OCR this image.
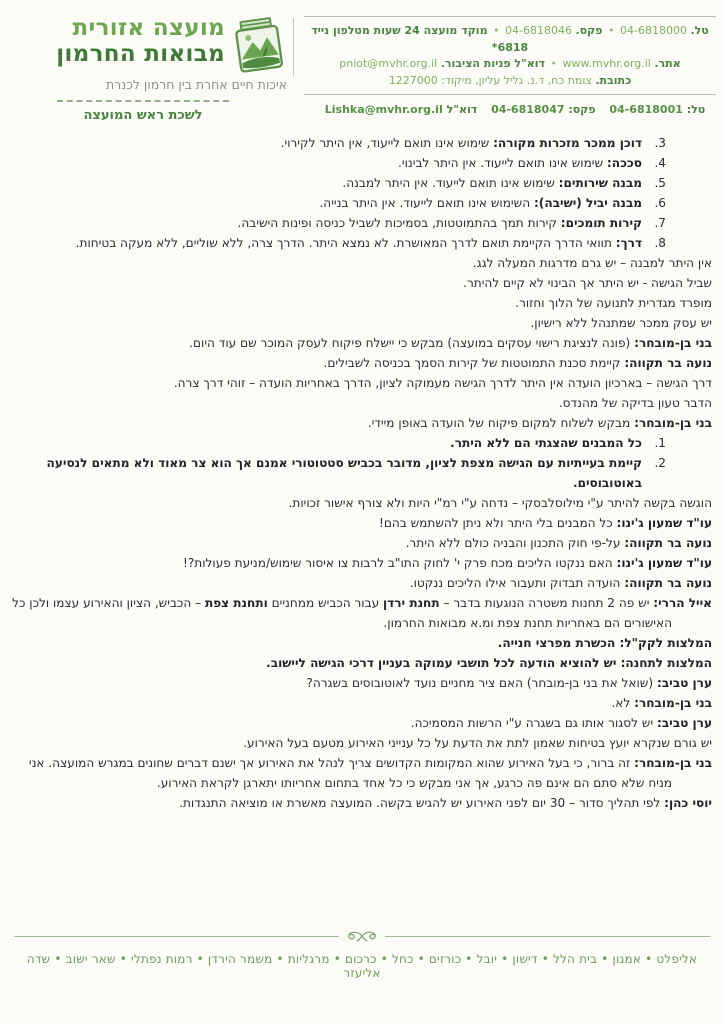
טל. 04-6818000 • פקס. 04-6818046 • מוקד מועצה 24 שעות מטלפון נייד 6818*
אתר. www.mvhr.org.il • דוא"ל פניות הציבור. pniot@mvhr.org.il
כתובת. צומת כח, ד.נ. גליל עליון, מיקוד: 1227000
טל: 04-6818001 פקס: 04-6818047 דוא"ל Lishka@mvhr.org.il
מועצה אזורית
מבואות החרמון
איכות חיים אחרת בין חרמון לכנרת
לשכת ראש המועצה
3.
דוכן ממכר מזכרות מקורה: שימוש אינו תואם לייעוד, אין היתר לקירוי.
4.
סככה: שימוש אינו תואם לייעוד. אין היתר לבינוי.
5.
מבנה שירותים: שימוש אינו תואם לייעוד. אין היתר למבנה.
6.
מבנה יביל (ישיבה): השימוש אינו תואם לייעוד. אין היתר בנייה.
7.
קירות תומכים: קירות תמך בהתמוטטות, בסמיכות לשביל כניסה ופינות הישיבה.
8.
דרך: תוואי הדרך הקיימת תואם לדרך המאושרת. לא נמצא היתר. הדרך צרה, ללא שוליים, ללא מעקה בטיחות.

אין היתר למבנה – יש גרם מדרגות המעלה לגג.

שביל הגישה - יש היתר אך הבינוי לא קיים להיתר.

מופרד מגדרית לתנועה של הלוך וחזור.

יש עסק ממכר שמתנהל ללא רישיון.

בני בן-מובחר: (פונה לנציגת רישוי עסקים במועצה) מבקש כי יישלח פיקוח לעסק המוכר שם עוד היום.

נועה בר תקווה: קיימת סכנת התמוטטות של קירות הסמך בכניסה לשבילים.

דרך הגישה – בארכיון הועדה אין היתר לדרך הגישה מעמוקה לציון, הדרך באחריות הועדה – זוהי דרך צרה.

הדבר טעון בדיקה של מהנדס.

בני בן-מובחר: מבקש לשלוח למקום פיקוח של הועדה באופן מיידי.

1.
כל המבנים שהצגתי הם ללא היתר.
2.
קיימת בעייתיות עם הגישה מצפת לציון, מדובר בכביש סטטוטורי אמנם אך הוא צר מאוד ולא מתאים לנסיעה באוטובוסים.

הוגשה בקשה להיתר ע"י מילוסלבסקי – נדחה ע"י רמ"י היות ולא צורף אישור זכויות.

עו"ד שמעון ג'ינו: כל המבנים בלי היתר ולא ניתן להשתמש בהם!

נועה בר תקווה: על-פי חוק התכנון והבניה כולם ללא היתר.

עו"ד שמעון ג'ינו: האם ננקטו הליכים מכח פרק י' לחוק התו"ב לרבות צו איסור שימוש/מניעת פעולות?!

נועה בר תקווה: הועדה תבדוק ותעבור אילו הליכים ננקטו.

אייל הררי: יש פה 2 תחנות משטרה הנוגעות בדבר – תחנת ירדן עבור הכביש ממחניים ותחנת צפת – הכביש, הציון והאירוע עצמו ולכן כל האישורים הם באחריות תחנת צפת ומ.א מבואות החרמון.

המלצות לקק"ל: הכשרת מפרצי חנייה.

המלצות לתחנה: יש להוציא הודעה לכל תושבי עמוקה בעניין דרכי הגישה ליישוב.

ערן טביב: (שואל את בני בן-מובחר) האם ציר מחניים נועד לאוטובוסים בשגרה?

בני בן-מובחר: לא.

ערן טביב: יש לסגור אותו גם בשגרה ע"י הרשות המסמיכה.

יש גורם שנקרא יועץ בטיחות שאמון לתת את הדעת על כל ענייני האירוע מטעם בעל האירוע.

בני בן-מובחר: זה ברור, כי בעל האירוע שהוא המקומות הקדושים צריך לנהל את האירוע אך ישנם דברים שחונים במגרש המועצה. אני מניח שלא סתם הם אינם פה כרגע, אך אני מבקש כי כל אחד בתחום אחריותו יתארגן לקראת האירוע.

יוסי כהן: לפי תהליך סדור – 30 יום לפני האירוע יש להגיש בקשה. המועצה מאשרת או מוציאה התנגדות.

אליפלט • אמנון • בית הלל • דישון • יובל • כורזים • כחל • כרכום • מרגליות • משמר הירדן • רמות נפתלי • שאר ישוב • שדה אליעזר
